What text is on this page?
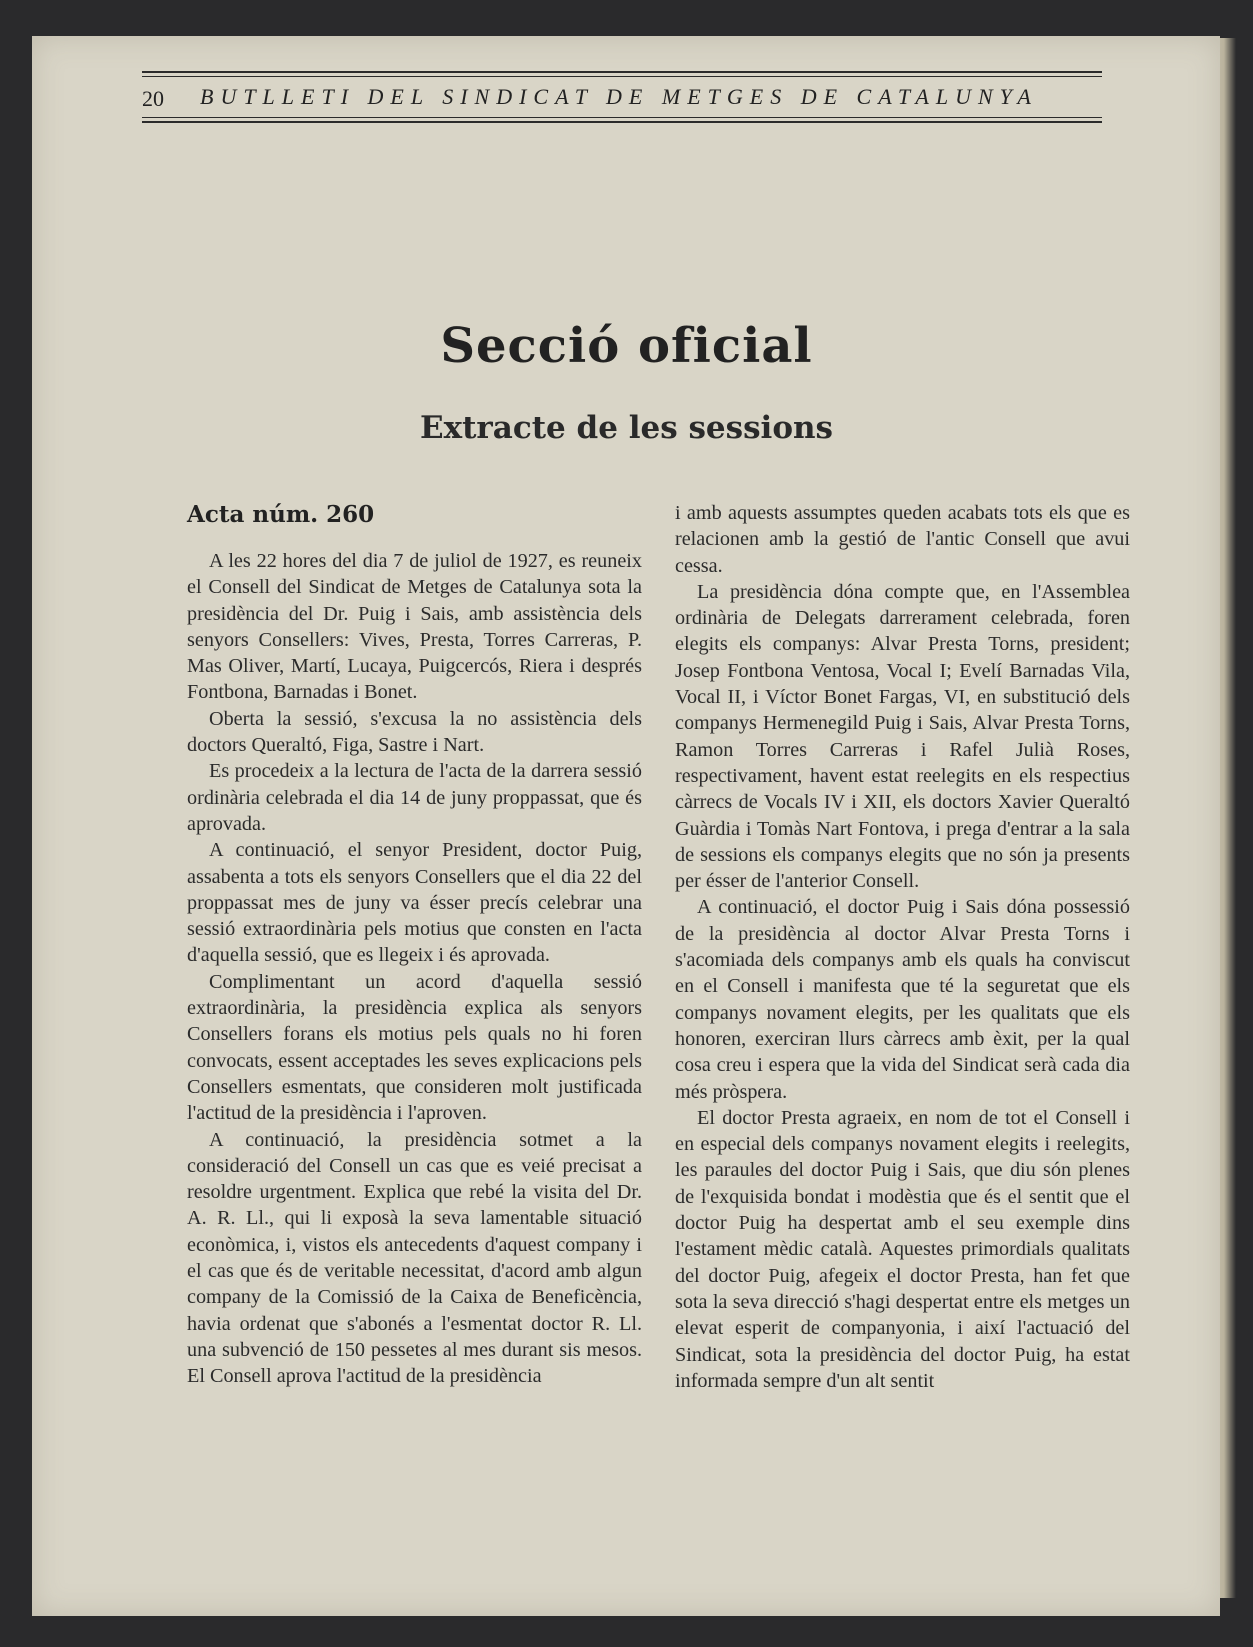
20 BUTLLETI DEL SINDICAT DE METGES DE CATALUNYA
Secció oficial
Extracte de les sessions
Acta núm. 260

A les 22 hores del dia 7 de juliol de 1927, es reuneix el Consell del Sindicat de Metges de Catalunya sota la presidència del Dr. Puig i Sais, amb assistència dels senyors Consellers: Vives, Presta, Torres Carreras, P. Mas Oliver, Martí, Lucaya, Puigcercós, Riera i després Fontbona, Barnadas i Bonet.

Oberta la sessió, s'excusa la no assistència dels doctors Queraltó, Figa, Sastre i Nart.

Es procedeix a la lectura de l'acta de la darrera sessió ordinària celebrada el dia 14 de juny proppassat, que és aprovada.

A continuació, el senyor President, doctor Puig, assabenta a tots els senyors Consellers que el dia 22 del proppassat mes de juny va ésser precís celebrar una sessió extraordinària pels motius que consten en l'acta d'aquella sessió, que es llegeix i és aprovada.

Complimentant un acord d'aquella sessió extraordinària, la presidència explica als senyors Consellers forans els motius pels quals no hi foren convocats, essent acceptades les seves explicacions pels Consellers esmentats, que consideren molt justificada l'actitud de la presidència i l'aproven.

A continuació, la presidència sotmet a la consideració del Consell un cas que es veié precisat a resoldre urgentment. Explica que rebé la visita del Dr. A. R. Ll., qui li exposà la seva lamentable situació econòmica, i, vistos els antecedents d'aquest company i el cas que és de veritable necessitat, d'acord amb algun company de la Comissió de la Caixa de Beneficència, havia ordenat que s'abonés a l'esmentat doctor R. Ll. una subvenció de 150 pessetes al mes durant sis mesos. El Consell aprova l'actitud de la presidència

i amb aquests assumptes queden acabats tots els que es relacionen amb la gestió de l'antic Consell que avui cessa.

La presidència dóna compte que, en l'Assemblea ordinària de Delegats darrerament celebrada, foren elegits els companys: Alvar Presta Torns, president; Josep Fontbona Ventosa, Vocal I; Evelí Barnadas Vila, Vocal II, i Víctor Bonet Fargas, VI, en substitució dels companys Hermenegild Puig i Sais, Alvar Presta Torns, Ramon Torres Carreras i Rafel Julià Roses, respectivament, havent estat reelegits en els respectius càrrecs de Vocals IV i XII, els doctors Xavier Queraltó Guàrdia i Tomàs Nart Fontova, i prega d'entrar a la sala de sessions els companys elegits que no són ja presents per ésser de l'anterior Consell.

A continuació, el doctor Puig i Sais dóna possessió de la presidència al doctor Alvar Presta Torns i s'acomiada dels companys amb els quals ha conviscut en el Consell i manifesta que té la seguretat que els companys novament elegits, per les qualitats que els honoren, exerciran llurs càrrecs amb èxit, per la qual cosa creu i espera que la vida del Sindicat serà cada dia més pròspera.

El doctor Presta agraeix, en nom de tot el Consell i en especial dels companys novament elegits i reelegits, les paraules del doctor Puig i Sais, que diu són plenes de l'exquisida bondat i modèstia que és el sentit que el doctor Puig ha despertat amb el seu exemple dins l'estament mèdic català. Aquestes primordials qualitats del doctor Puig, afegeix el doctor Presta, han fet que sota la seva direcció s'hagi despertat entre els metges un elevat esperit de companyonia, i així l'actuació del Sindicat, sota la presidència del doctor Puig, ha estat informada sempre d'un alt sentit
